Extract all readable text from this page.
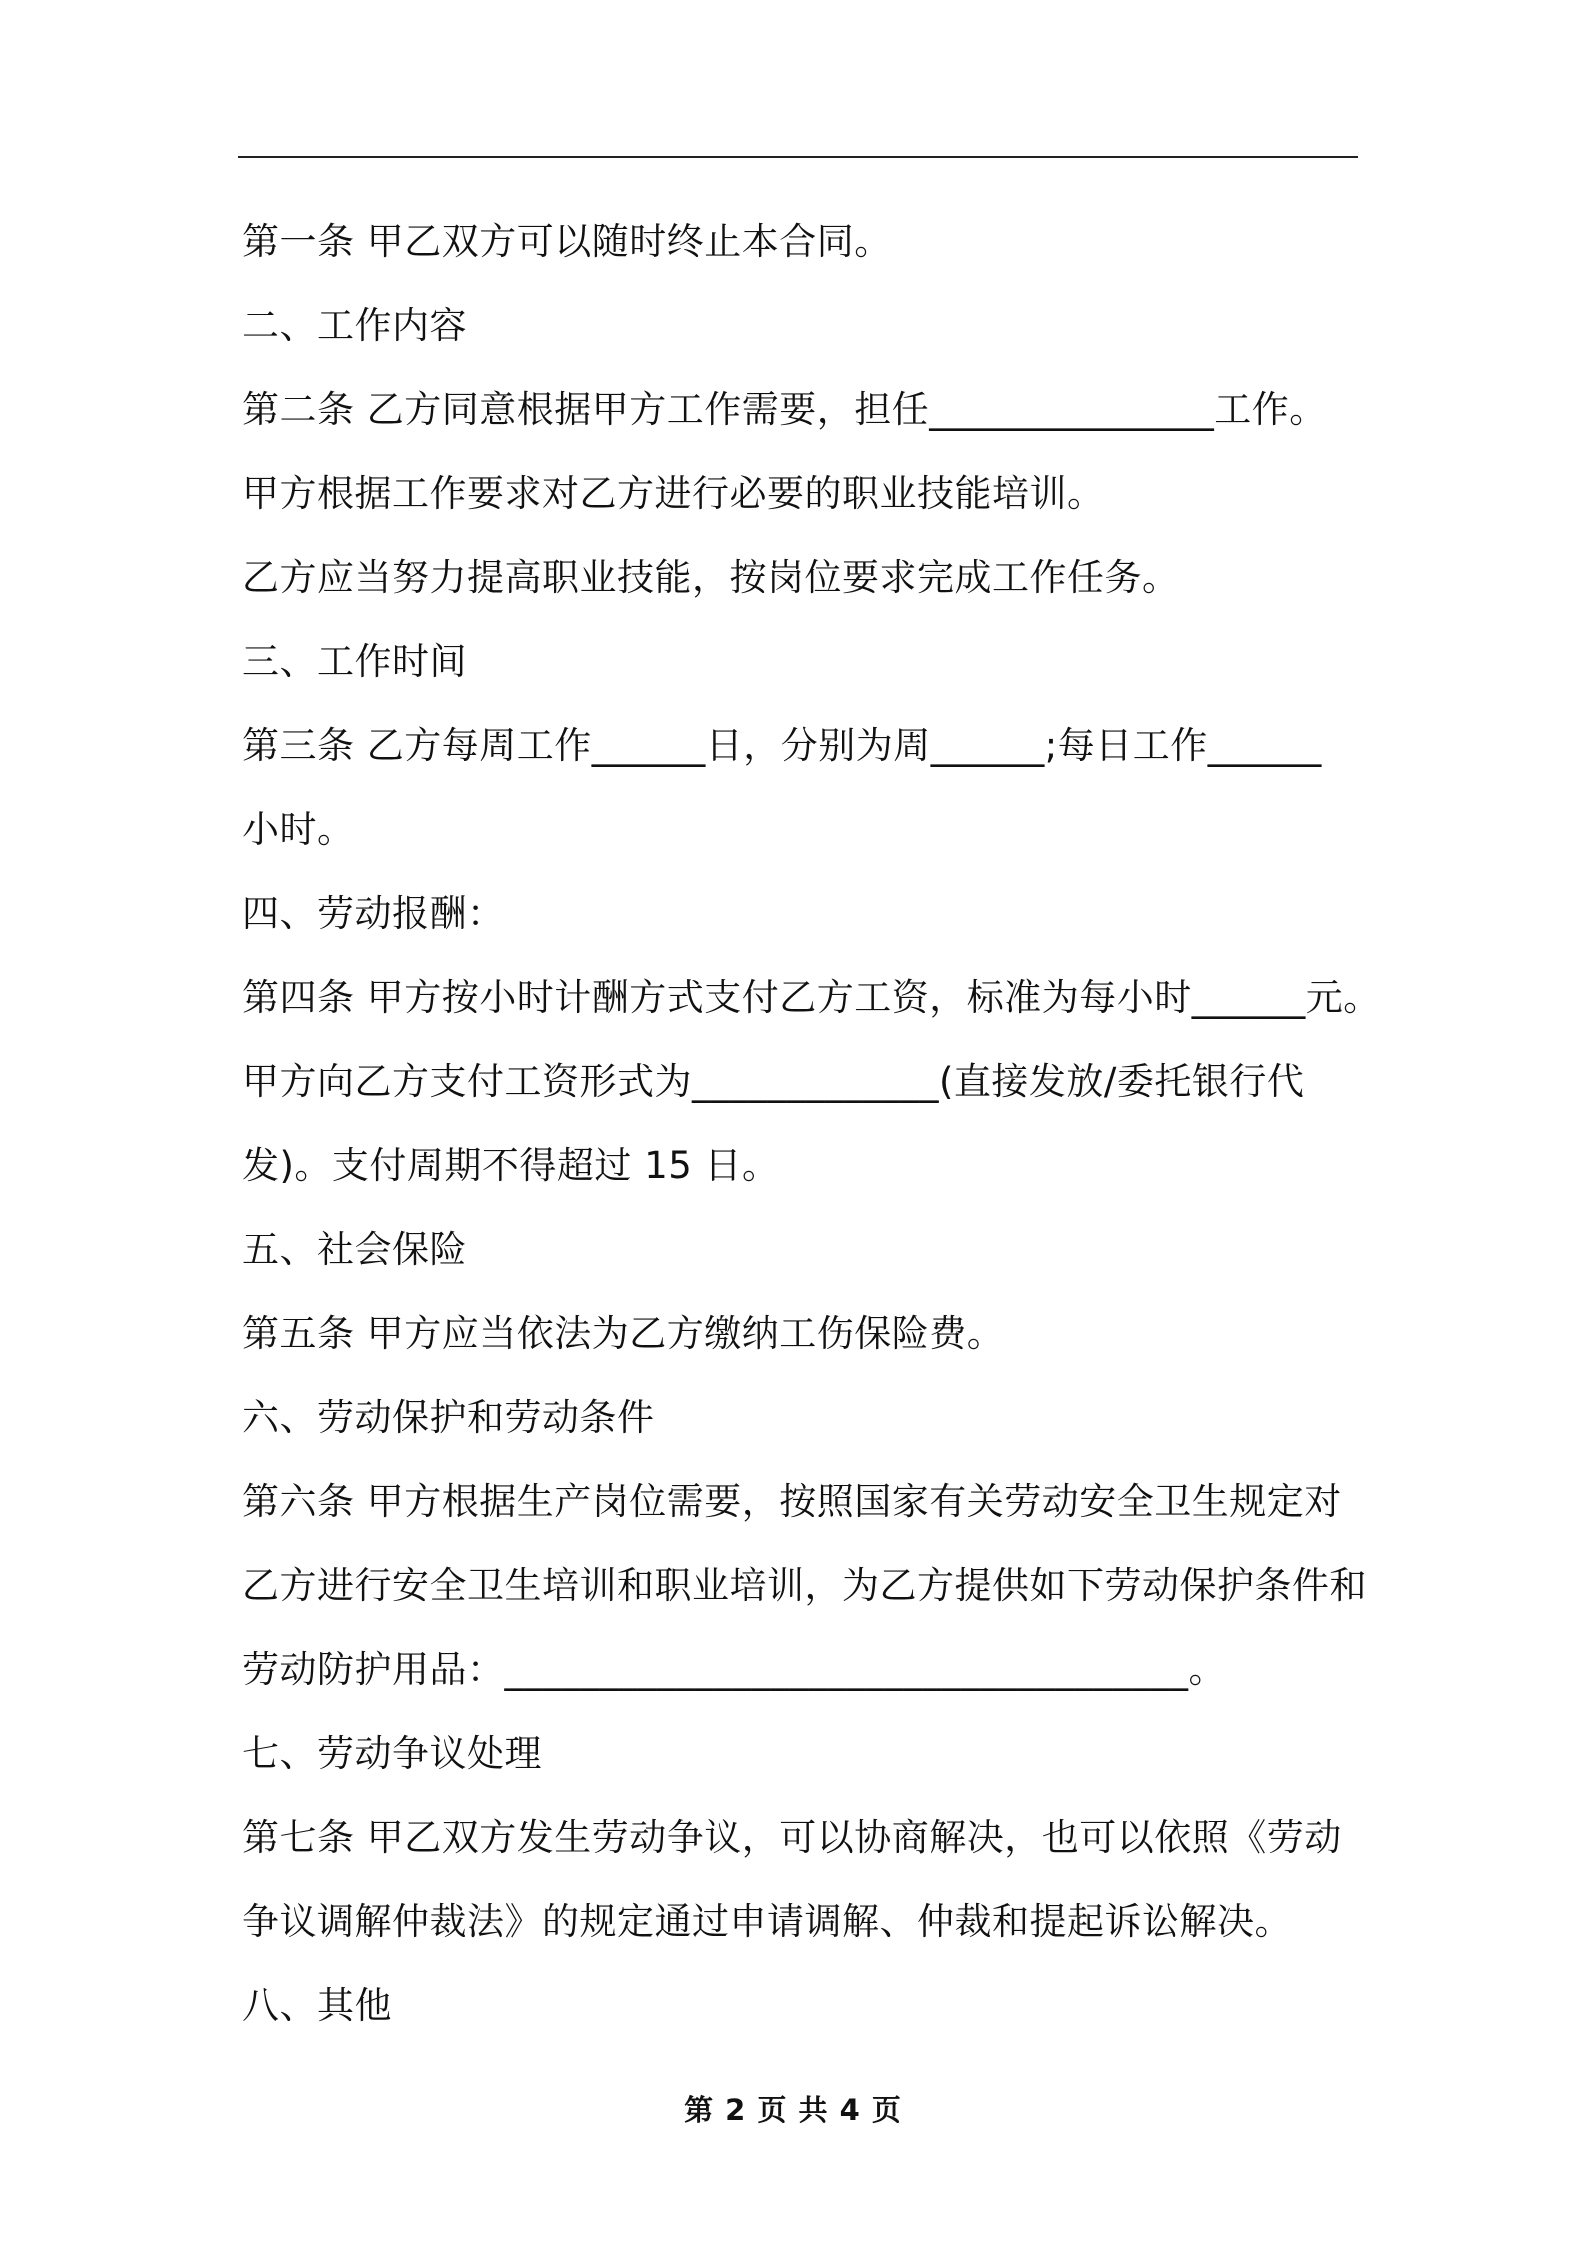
第一条 甲乙双方可以随时终止本合同。
二、工作内容
第二条 乙方同意根据甲方工作需要，担任_______________工作。
甲方根据工作要求对乙方进行必要的职业技能培训。
乙方应当努力提高职业技能，按岗位要求完成工作任务。
三、工作时间
第三条 乙方每周工作______日，分别为周______;每日工作______
小时。
四、劳动报酬：
第四条 甲方按小时计酬方式支付乙方工资，标准为每小时______元。
甲方向乙方支付工资形式为_____________(直接发放/委托银行代
发)。支付周期不得超过 15 日。
五、社会保险
第五条 甲方应当依法为乙方缴纳工伤保险费。
六、劳动保护和劳动条件
第六条 甲方根据生产岗位需要，按照国家有关劳动安全卫生规定对
乙方进行安全卫生培训和职业培训，为乙方提供如下劳动保护条件和
劳动防护用品：____________________________________。
七、劳动争议处理
第七条 甲乙双方发生劳动争议，可以协商解决，也可以依照《劳动
争议调解仲裁法》的规定通过申请调解、仲裁和提起诉讼解决。
八、其他
第 2 页 共 4 页
